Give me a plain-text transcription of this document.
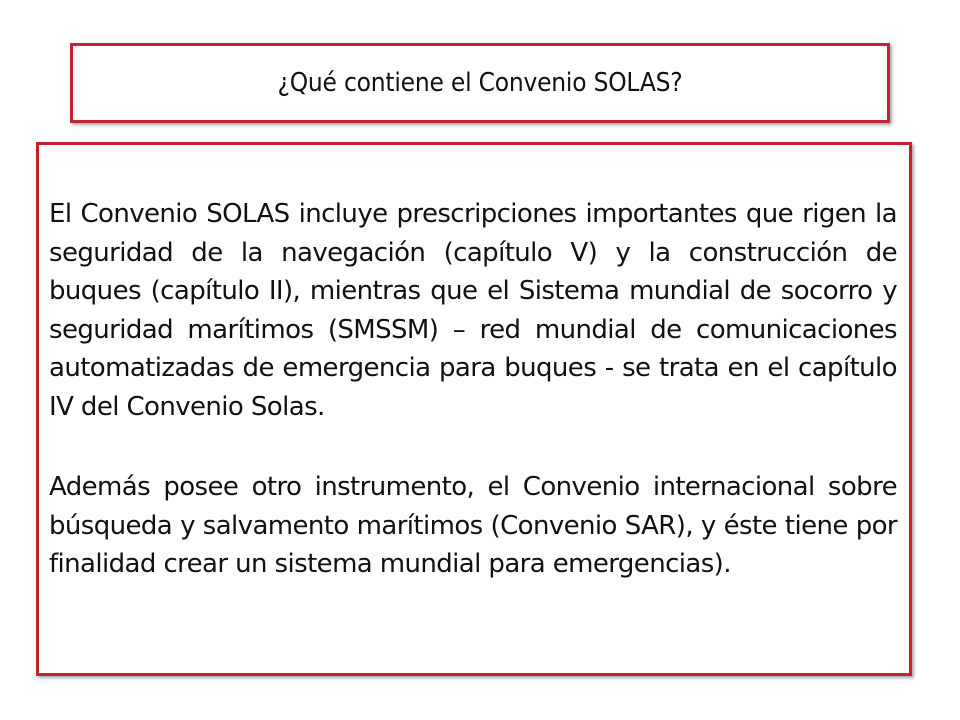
¿Qué contiene el Convenio SOLAS?

El Convenio SOLAS incluye prescripciones importantes que rigen la seguridad de la navegación (capítulo V) y la construcción de buques (capítulo II), mientras que el Sistema mundial de socorro y seguridad marítimos (SMSSM) – red mundial de comunicaciones automatizadas de emergencia para buques - se trata en el capítulo IV del Convenio Solas.

Además posee otro instrumento, el Convenio internacional sobre búsqueda y salvamento marítimos (Convenio SAR), y éste tiene por finalidad crear un sistema mundial para emergencias).
